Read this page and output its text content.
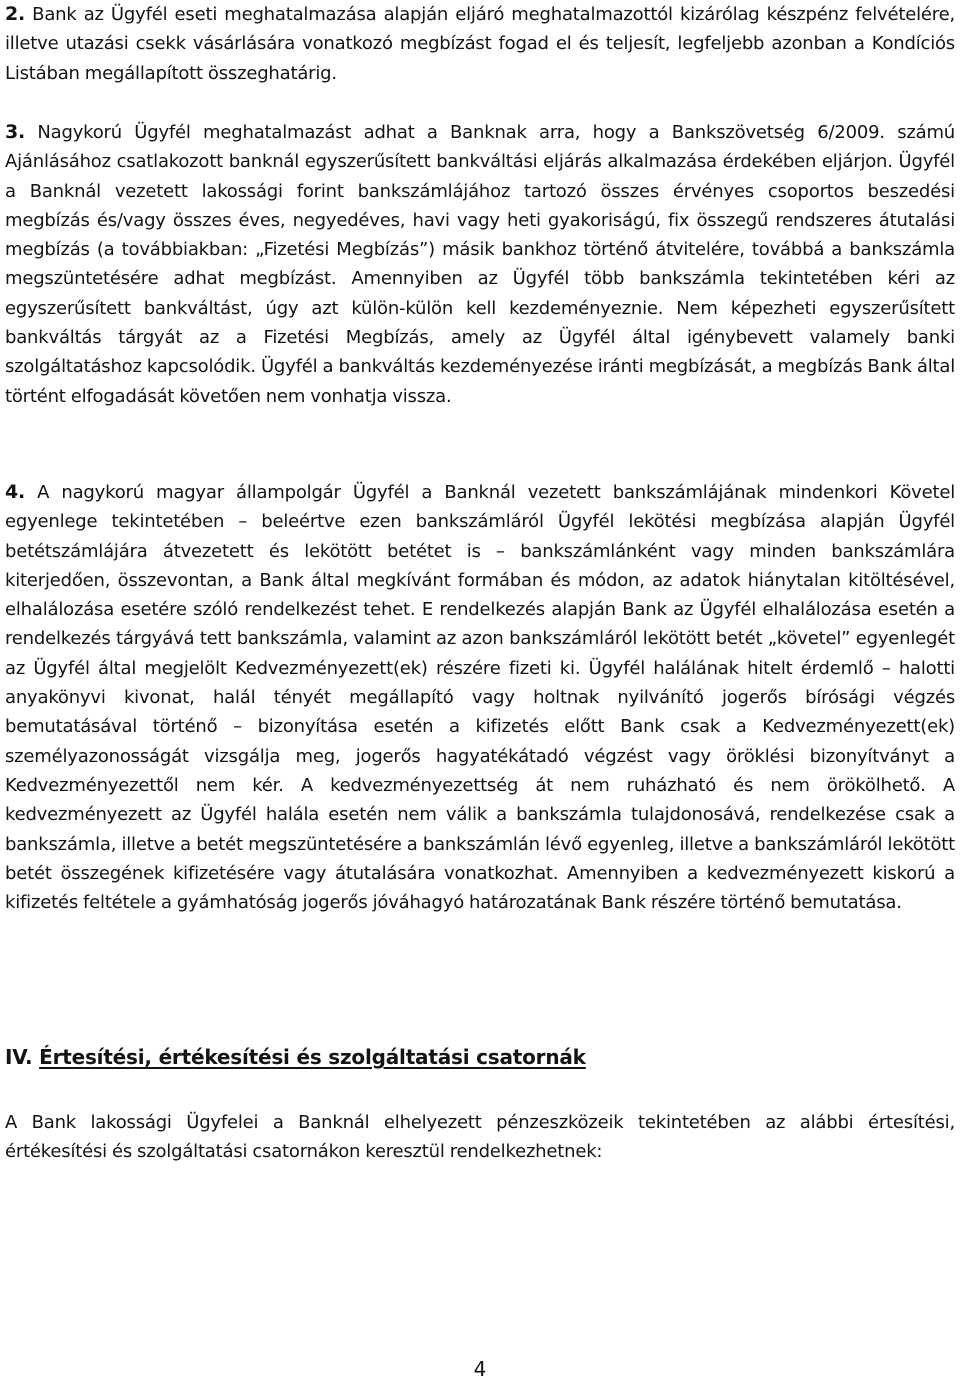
2. Bank az Ügyfél eseti meghatalmazása alapján eljáró meghatalmazottól kizárólag készpénz felvételére, illetve utazási csekk vásárlására vonatkozó megbízást fogad el és teljesít, legfeljebb azonban a Kondíciós Listában megállapított összeghatárig.

3. Nagykorú Ügyfél meghatalmazást adhat a Banknak arra, hogy a Bankszövetség 6/2009. számú Ajánlásához csatlakozott banknál egyszerűsített bankváltási eljárás alkalmazása érdekében eljárjon. Ügyfél a Banknál vezetett lakossági forint bankszámlájához tartozó összes érvényes csoportos beszedési megbízás és/vagy összes éves, negyedéves, havi vagy heti gyakoriságú, fix összegű rendszeres átutalási megbízás (a továbbiakban: „Fizetési Megbízás”) másik bankhoz történő átvitelére, továbbá a bankszámla megszüntetésére adhat megbízást. Amennyiben az Ügyfél több bankszámla tekintetében kéri az egyszerűsített bankváltást, úgy azt külön-külön kell kezdeményeznie. Nem képezheti egyszerűsített bankváltás tárgyát az a Fizetési Megbízás, amely az Ügyfél által igénybevett valamely banki szolgáltatáshoz kapcsolódik. Ügyfél a bankváltás kezdeményezése iránti megbízását, a megbízás Bank által történt elfogadását követően nem vonhatja vissza.

4. A nagykorú magyar állampolgár Ügyfél a Banknál vezetett bankszámlájának mindenkori Követel egyenlege tekintetében – beleértve ezen bankszámláról Ügyfél lekötési megbízása alapján Ügyfél betétszámlájára átvezetett és lekötött betétet is – bankszámlánként vagy minden bankszámlára kiterjedően, összevontan, a Bank által megkívánt formában és módon, az adatok hiánytalan kitöltésével, elhalálozása esetére szóló rendelkezést tehet. E rendelkezés alapján Bank az Ügyfél elhalálozása esetén a rendelkezés tárgyává tett bankszámla, valamint az azon bankszámláról lekötött betét „követel” egyenlegét az Ügyfél által megjelölt Kedvezményezett(ek) részére fizeti ki. Ügyfél halálának hitelt érdemlő – halotti anyakönyvi kivonat, halál tényét megállapító vagy holtnak nyilvánító jogerős bírósági végzés bemutatásával történő – bizonyítása esetén a kifizetés előtt Bank csak a Kedvezményezett(ek) személyazonosságát vizsgálja meg, jogerős hagyatékátadó végzést vagy öröklési bizonyítványt a Kedvezményezettől nem kér. A kedvezményezettség át nem ruházható és nem örökölhető. A kedvezményezett az Ügyfél halála esetén nem válik a bankszámla tulajdonosává, rendelkezése csak a bankszámla, illetve a betét megszüntetésére a bankszámlán lévő egyenleg, illetve a bankszámláról lekötött betét összegének kifizetésére vagy átutalására vonatkozhat. Amennyiben a kedvezményezett kiskorú a kifizetés feltétele a gyámhatóság jogerős jóváhagyó határozatának Bank részére történő bemutatása.

IV. Értesítési, értékesítési és szolgáltatási csatornák

A Bank lakossági Ügyfelei a Banknál elhelyezett pénzeszközeik tekintetében az alábbi értesítési, értékesítési és szolgáltatási csatornákon keresztül rendelkezhetnek:

4
